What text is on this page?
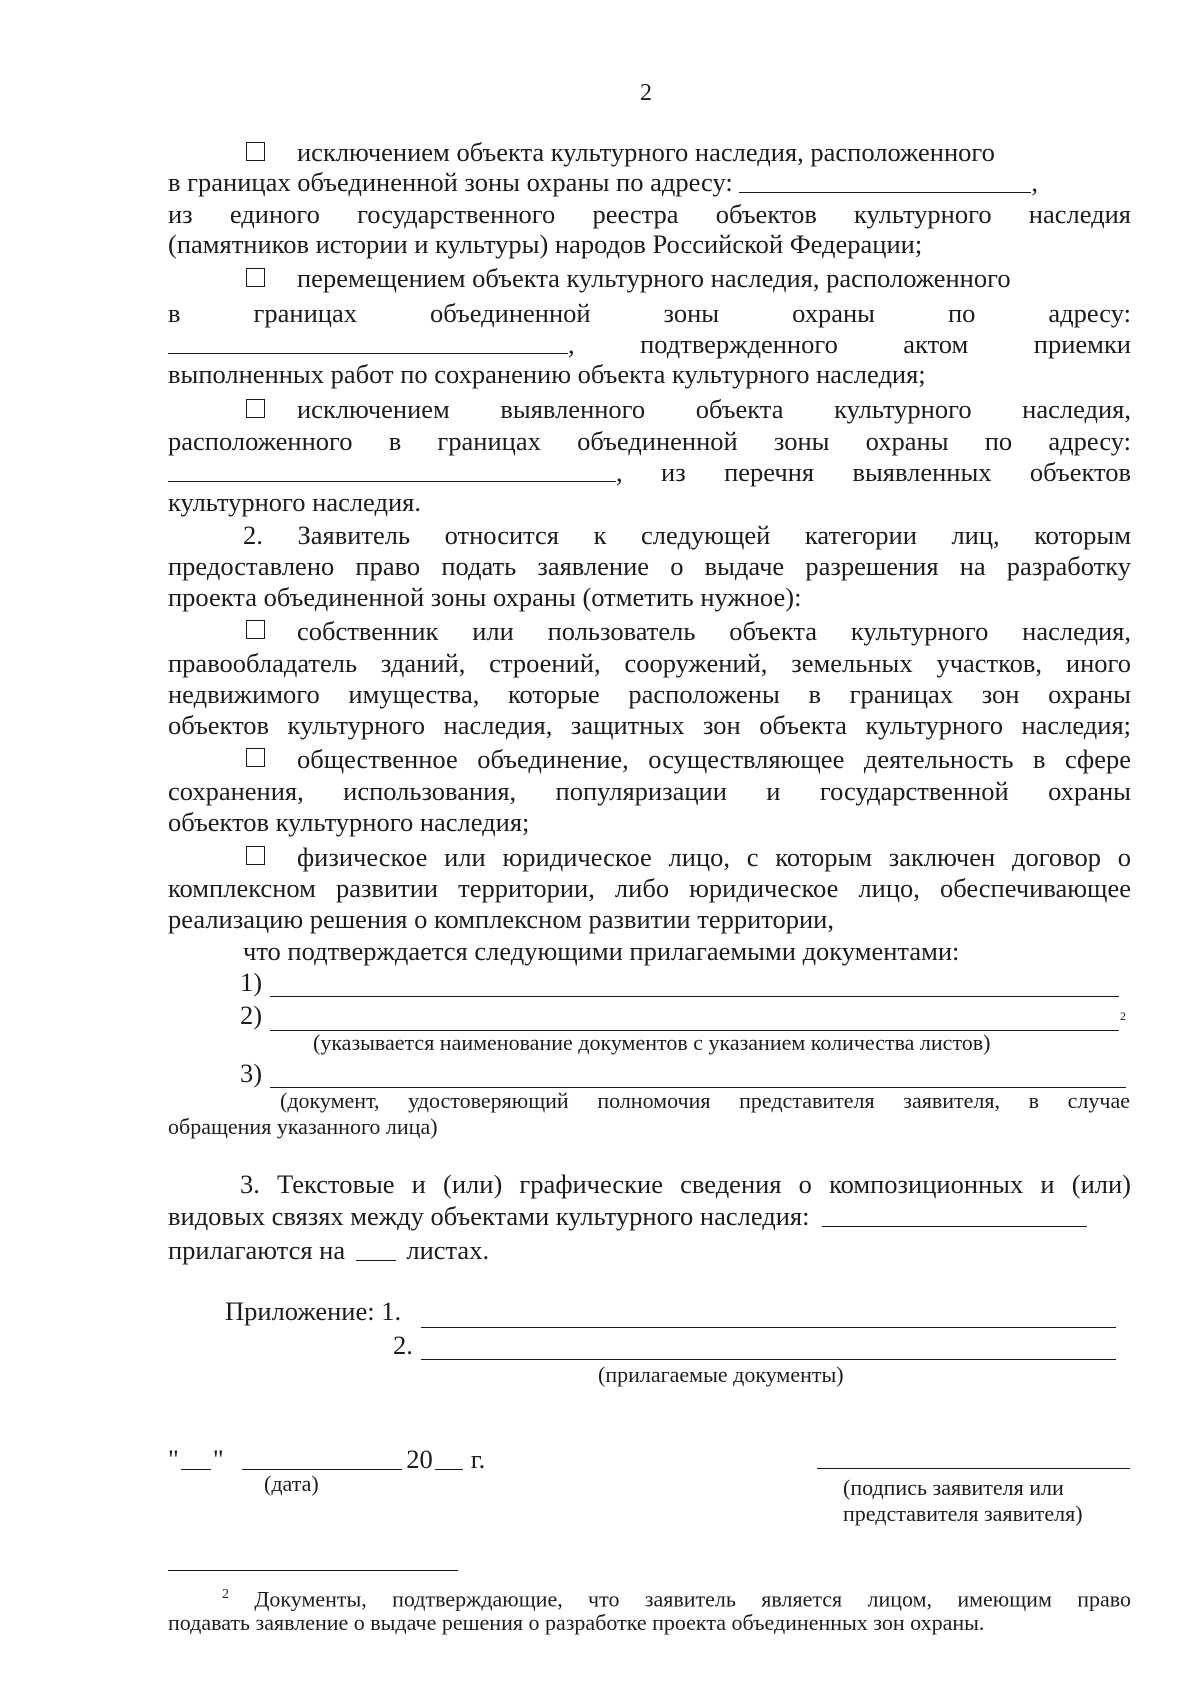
2
исключением объекта культурного наследия, расположенного
в границах объединенной зоны охраны по адресу:	,
из единого государственного реестра объектов культурного наследия
(памятников истории и культуры) народов Российской Федерации;
перемещением объекта культурного наследия, расположенного
в границах объединенной зоны охраны по адресу:
, подтвержденного актом приемки
выполненных работ по сохранению объекта культурного наследия;
исключением выявленного объекта культурного наследия,
расположенного в границах объединенной зоны охраны по адресу:
, из перечня выявленных объектов
культурного наследия.
2. Заявитель относится к следующей категории лиц, которым
предоставлено право подать заявление о выдаче разрешения на разработку
проекта объединенной зоны охраны (отметить нужное):
собственник или пользователь объекта культурного наследия,
правообладатель зданий, строений, сооружений, земельных участков, иного
недвижимого имущества, которые расположены в границах зон охраны
объектов культурного наследия, защитных зон объекта культурного наследия;
общественное объединение, осуществляющее деятельность в сфере
сохранения, использования, популяризации и государственной охраны
объектов культурного наследия;
физическое или юридическое лицо, с которым заключен договор о
комплексном развитии территории, либо юридическое лицо, обеспечивающее
реализацию решения о комплексном развитии территории,
что подтверждается следующими прилагаемыми документами:
1)
2)	2
(указывается наименование документов с указанием количества листов)
3)
(документ, удостоверяющий полномочия представителя заявителя, в случае
обращения указанного лица)
3. Текстовые и (или) графические сведения о композиционных и (или)
видовых связях между объектами культурного наследия:
прилагаются на листах.
Приложение: 1.
2.
(прилагаемые документы)
" "	20 г.
(дата)	(подпись заявителя или
представителя заявителя)
$^2$ Документы, подтверждающие, что заявитель является лицом, имеющим право
подавать заявление о выдаче решения о разработке проекта объединенных зон охраны.
